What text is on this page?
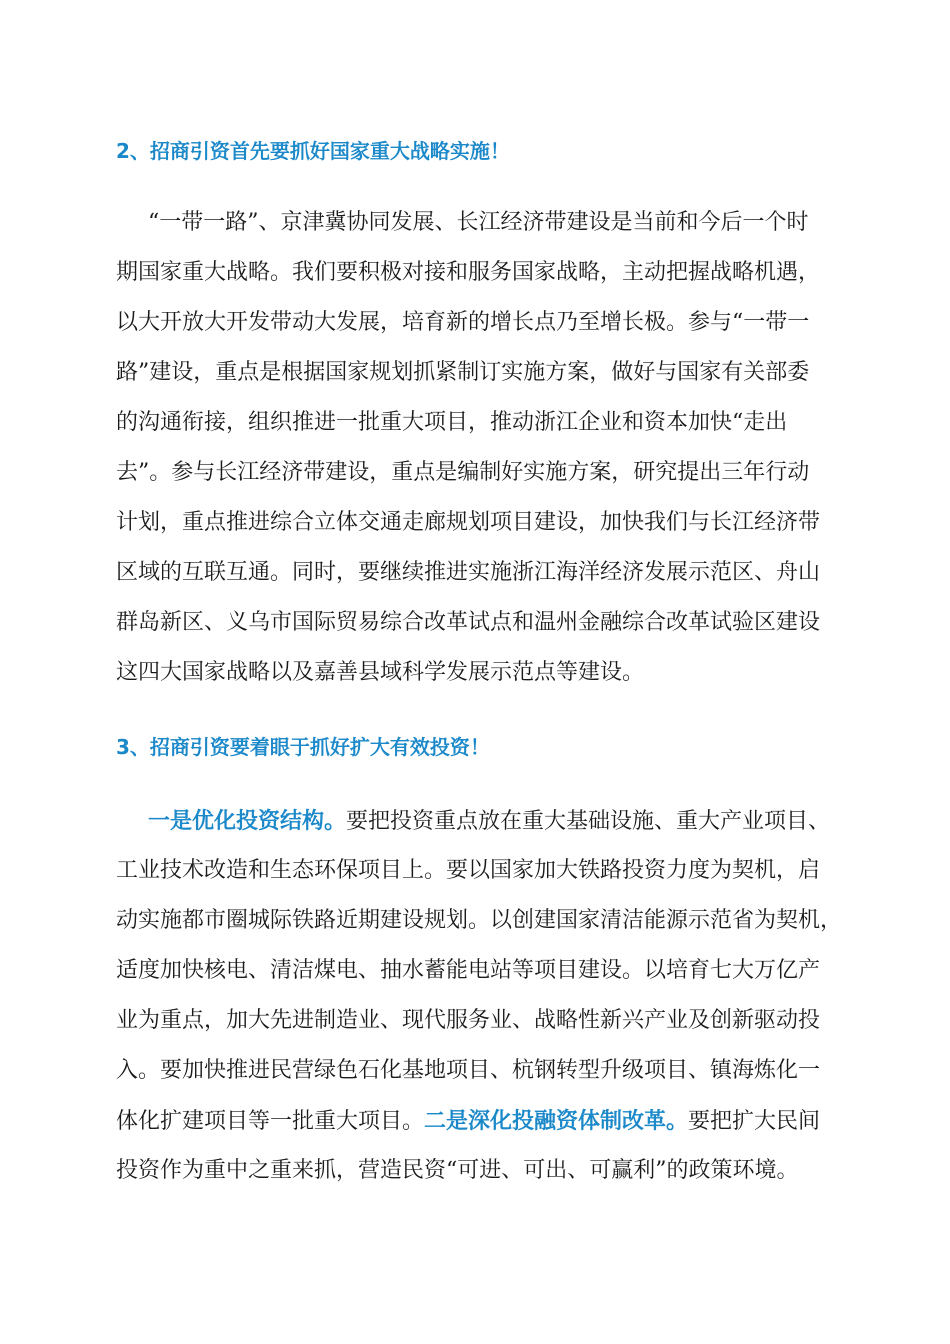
2、招商引资首先要抓好国家重大战略实施！
“一带一路”、京津冀协同发展、长江经济带建设是当前和今后一个时
期国家重大战略。我们要积极对接和服务国家战略，主动把握战略机遇，
以大开放大开发带动大发展，培育新的增长点乃至增长极。参与“一带一
路”建设，重点是根据国家规划抓紧制订实施方案，做好与国家有关部委
的沟通衔接，组织推进一批重大项目，推动浙江企业和资本加快“走出
去”。参与长江经济带建设，重点是编制好实施方案，研究提出三年行动
计划，重点推进综合立体交通走廊规划项目建设，加快我们与长江经济带
区域的互联互通。同时，要继续推进实施浙江海洋经济发展示范区、舟山
群岛新区、义乌市国际贸易综合改革试点和温州金融综合改革试验区建设
这四大国家战略以及嘉善县域科学发展示范点等建设。
3、招商引资要着眼于抓好扩大有效投资！
一是优化投资结构。要把投资重点放在重大基础设施、重大产业项目、
工业技术改造和生态环保项目上。要以国家加大铁路投资力度为契机，启
动实施都市圈城际铁路近期建设规划。以创建国家清洁能源示范省为契机，
适度加快核电、清洁煤电、抽水蓄能电站等项目建设。以培育七大万亿产
业为重点，加大先进制造业、现代服务业、战略性新兴产业及创新驱动投
入。要加快推进民营绿色石化基地项目、杭钢转型升级项目、镇海炼化一
体化扩建项目等一批重大项目。二是深化投融资体制改革。要把扩大民间
投资作为重中之重来抓，营造民资“可进、可出、可赢利”的政策环境。
